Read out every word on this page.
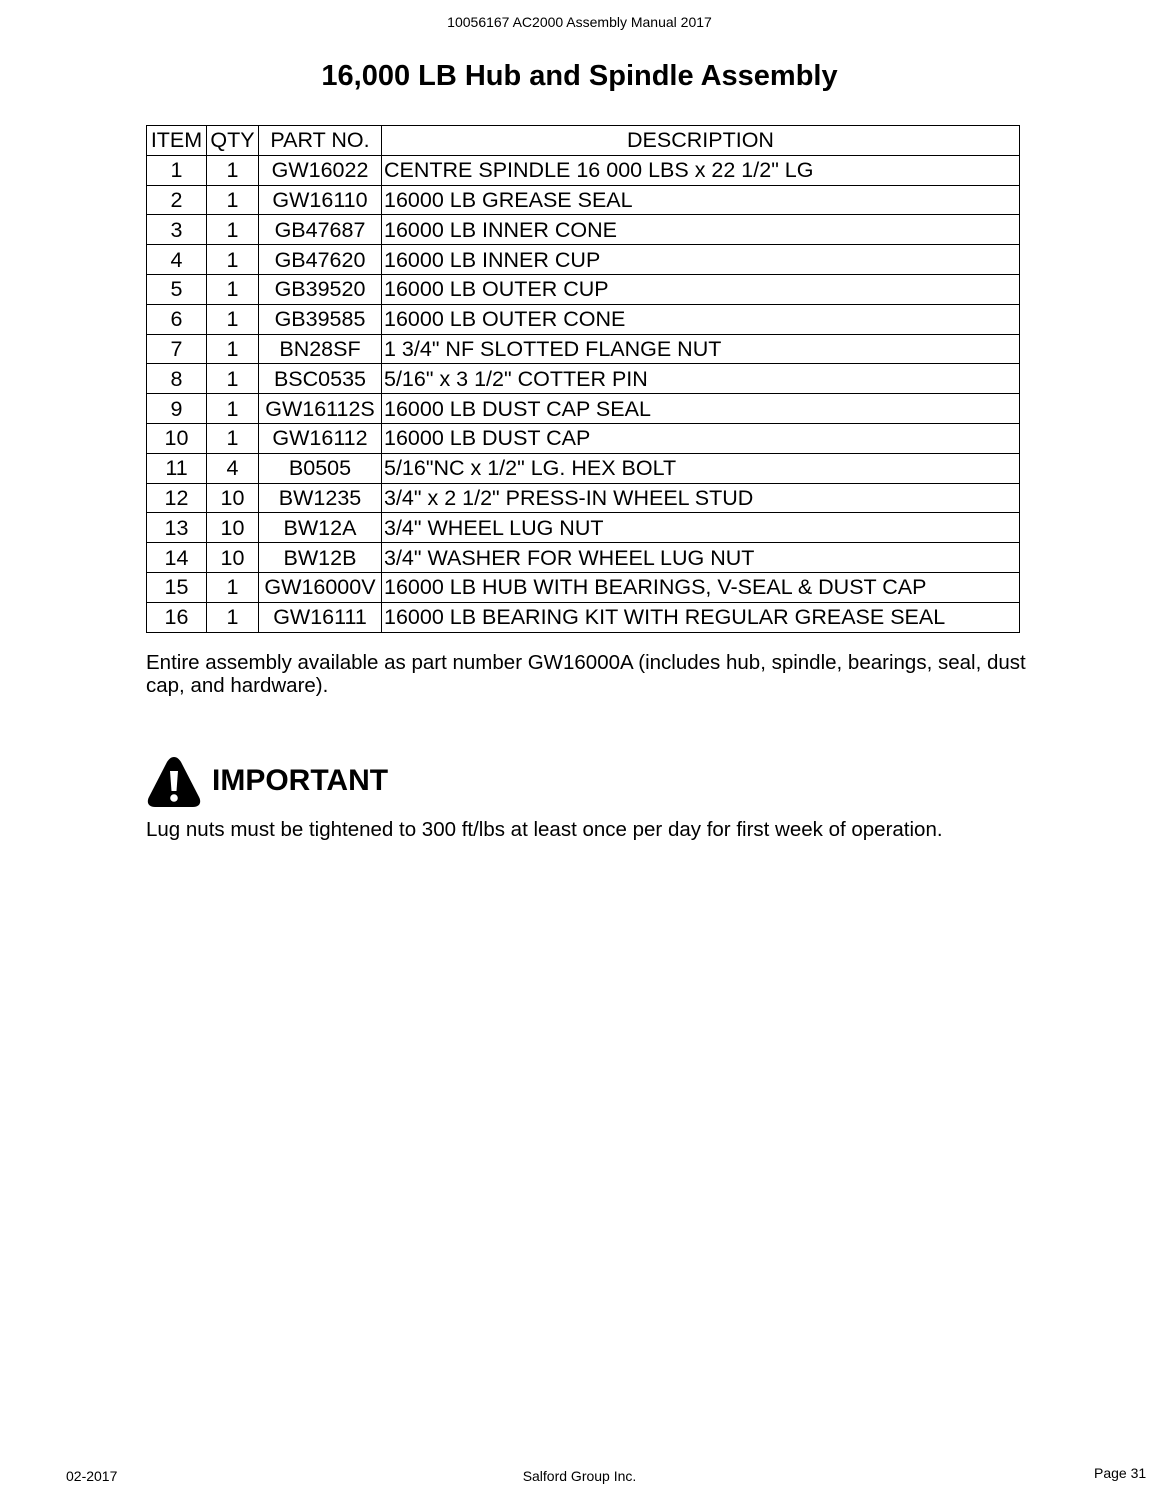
10056167 AC2000 Assembly Manual 2017
16,000 LB Hub and Spindle Assembly
ITEM	QTY	PART NO.	DESCRIPTION
1	1	GW16022	CENTRE SPINDLE 16 000 LBS x 22 1/2" LG
2	1	GW16110	16000 LB GREASE SEAL
3	1	GB47687	16000 LB INNER CONE
4	1	GB47620	16000 LB INNER CUP
5	1	GB39520	16000 LB OUTER CUP
6	1	GB39585	16000 LB OUTER CONE
7	1	BN28SF	1 3/4" NF SLOTTED FLANGE NUT
8	1	BSC0535	5/16" x 3 1/2" COTTER PIN
9	1	GW16112S	16000 LB DUST CAP SEAL
10	1	GW16112	16000 LB DUST CAP
11	4	B0505	5/16"NC x 1/2" LG. HEX BOLT
12	10	BW1235	3/4" x 2 1/2" PRESS-IN WHEEL STUD
13	10	BW12A	3/4" WHEEL LUG NUT
14	10	BW12B	3/4" WASHER FOR WHEEL LUG NUT
15	1	GW16000V	16000 LB HUB WITH BEARINGS, V-SEAL & DUST CAP
16	1	GW16111	16000 LB BEARING KIT WITH REGULAR GREASE SEAL
Entire assembly available as part number GW16000A (includes hub, spindle, bearings, seal, dust cap, and hardware).
IMPORTANT
Lug nuts must be tightened to 300 ft/lbs at least once per day for first week of operation.
02-2017	Salford Group Inc.	Page 31
